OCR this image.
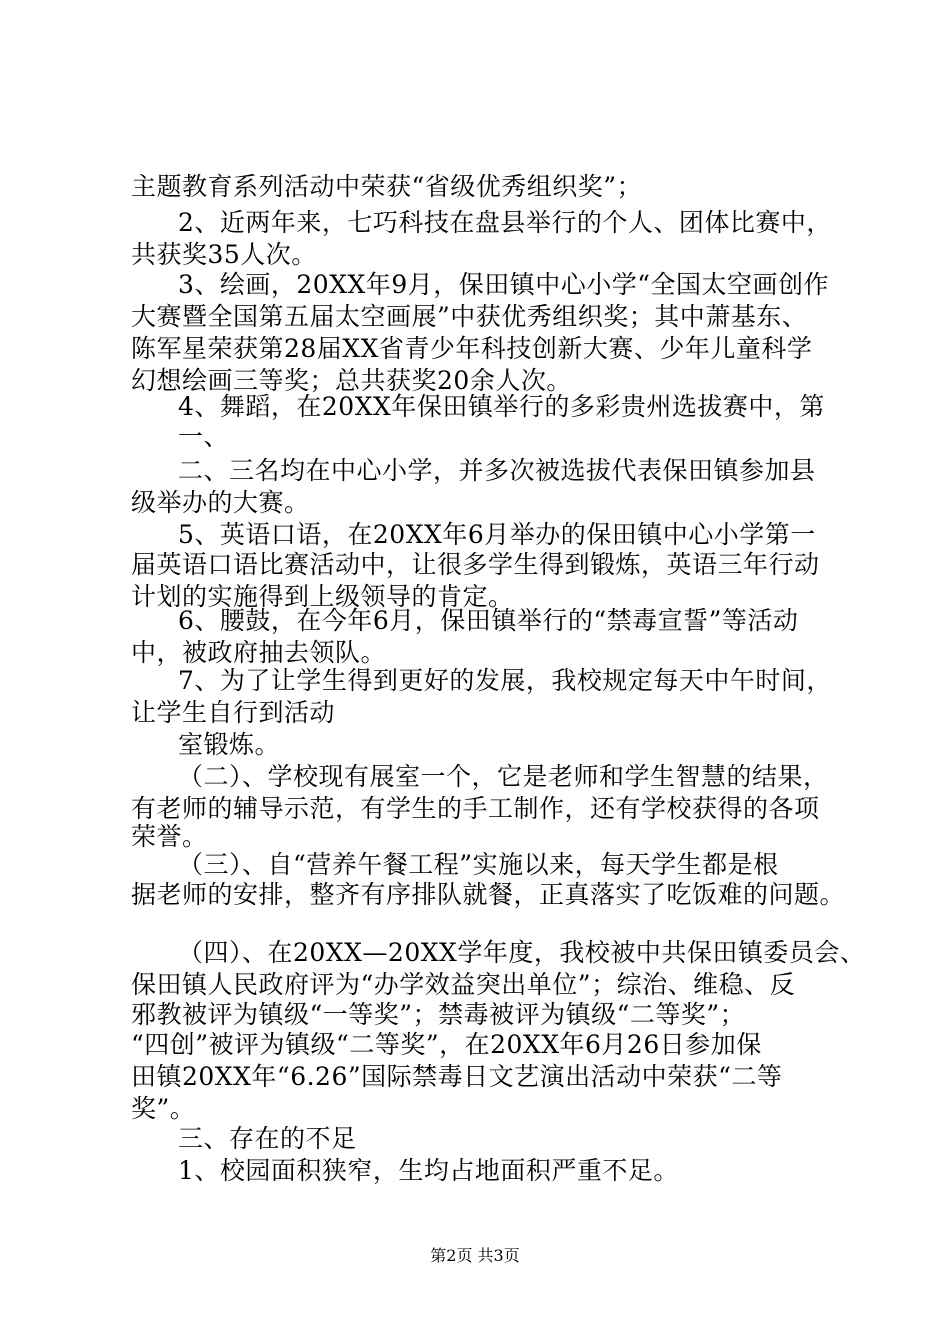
主题教育系列活动中荣获“省级优秀组织奖”；
2、近两年来，七巧科技在盘县举行的个人、团体比赛中，
共获奖35人次。
3、绘画，20XX年9月，保田镇中心小学“全国太空画创作
大赛暨全国第五届太空画展”中获优秀组织奖；其中萧基东、
陈军星荣获第28届XX省青少年科技创新大赛、少年儿童科学
幻想绘画三等奖；总共获奖20余人次。
4、舞蹈，在20XX年保田镇举行的多彩贵州选拔赛中，第
一、
二、三名均在中心小学，并多次被选拔代表保田镇参加县
级举办的大赛。
5、英语口语，在20XX年6月举办的保田镇中心小学第一
届英语口语比赛活动中，让很多学生得到锻炼，英语三年行动
计划的实施得到上级领导的肯定。
6、腰鼓，在今年6月，保田镇举行的“禁毒宣誓”等活动
中，被政府抽去领队。
7、为了让学生得到更好的发展，我校规定每天中午时间，
让学生自行到活动
室锻炼。
（二）、学校现有展室一个，它是老师和学生智慧的结果，
有老师的辅导示范，有学生的手工制作，还有学校获得的各项
荣誉。
（三）、自“营养午餐工程”实施以来，每天学生都是根
据老师的安排，整齐有序排队就餐，正真落实了吃饭难的问题。
（四）、在20XX—20XX学年度，我校被中共保田镇委员会、
保田镇人民政府评为“办学效益突出单位”；综治、维稳、反
邪教被评为镇级“一等奖”；禁毒被评为镇级“二等奖”；
“四创”被评为镇级“二等奖”，在20XX年6月26日参加保
田镇20XX年“6.26”国际禁毒日文艺演出活动中荣获“二等
奖”。
三、存在的不足
1、校园面积狭窄，生均占地面积严重不足。
第2页 共3页
